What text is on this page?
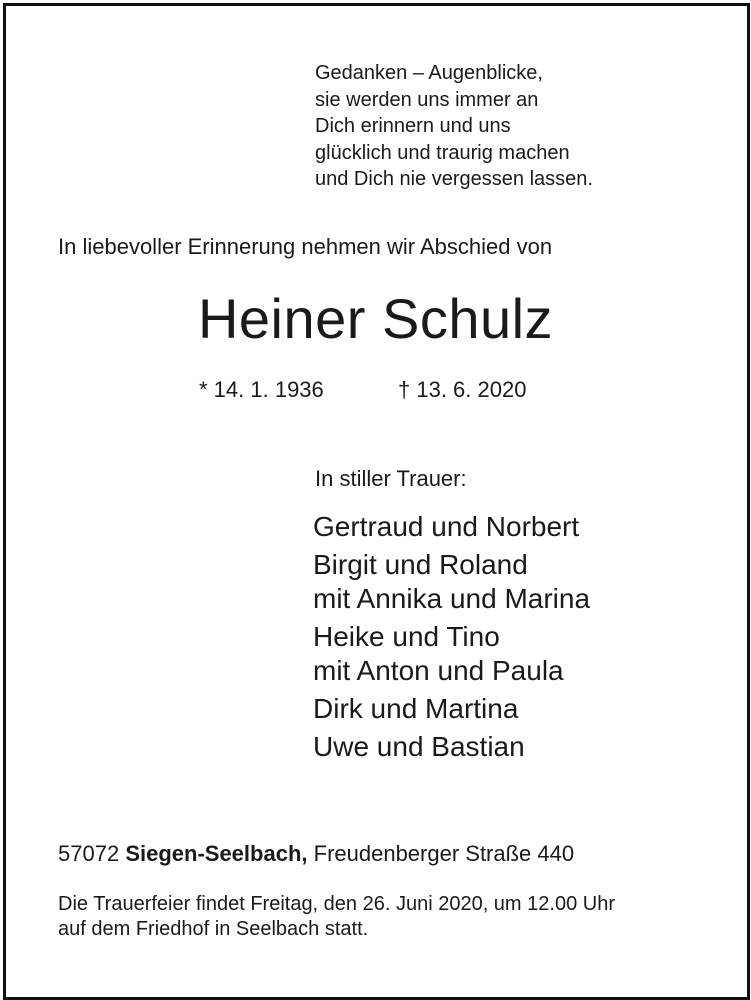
Gedanken – Augenblicke,
sie werden uns immer an
Dich erinnern und uns
glücklich und traurig machen
und Dich nie vergessen lassen.
In liebevoller Erinnerung nehmen wir Abschied von
Heiner Schulz
* 14. 1. 1936	† 13. 6. 2020
In stiller Trauer:
Gertraud und Norbert
Birgit und Roland
mit Annika und Marina
Heike und Tino
mit Anton und Paula
Dirk und Martina
Uwe und Bastian
57072 Siegen-Seelbach, Freudenberger Straße 440
Die Trauerfeier findet Freitag, den 26. Juni 2020, um 12.00 Uhr
auf dem Friedhof in Seelbach statt.
